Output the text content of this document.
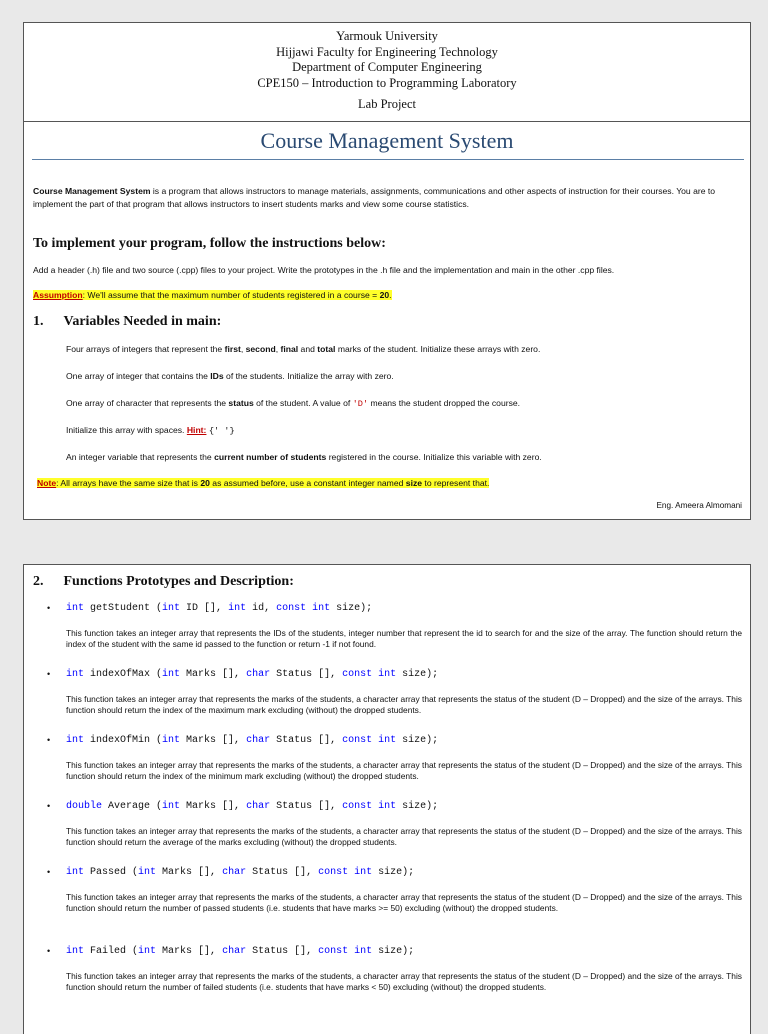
Yarmouk University
Hijjawi Faculty for Engineering Technology
Department of Computer Engineering
CPE150 – Introduction to Programming Laboratory
Lab Project
Course Management System
Course Management System is a program that allows instructors to manage materials, assignments, communications and other aspects of instruction for their courses. You are to implement the part of that program that allows instructors to insert students marks and view some course statistics.
To implement your program, follow the instructions below:
Add a header (.h) file and two source (.cpp) files to your project. Write the prototypes in the .h file and the implementation and main in the other .cpp files.
Assumption: We'll assume that the maximum number of students registered in a course = 20.
1. Variables Needed in main:
Four arrays of integers that represent the first, second, final and total marks of the student. Initialize these arrays with zero.
One array of integer that contains the IDs of the students. Initialize the array with zero.
One array of character that represents the status of the student. A value of 'D' means the student dropped the course.
Initialize this array with spaces. Hint: {' '}
An integer variable that represents the current number of students registered in the course. Initialize this variable with zero.
Note: All arrays have the same size that is 20 as assumed before, use a constant integer named size to represent that.
Eng. Ameera Almomani
2. Functions Prototypes and Description:
• int getStudent (int ID [], int id, const int size);
This function takes an integer array that represents the IDs of the students, integer number that represent the id to search for and the size of the array. The function should return the index of the student with the same id passed to the function or return -1 if not found.
• int indexOfMax (int Marks [], char Status [], const int size);
This function takes an integer array that represents the marks of the students, a character array that represents the status of the student (D – Dropped) and the size of the arrays. This function should return the index of the maximum mark excluding (without) the dropped students.
• int indexOfMin (int Marks [], char Status [], const int size);
This function takes an integer array that represents the marks of the students, a character array that represents the status of the student (D – Dropped) and the size of the arrays. This function should return the index of the minimum mark excluding (without) the dropped students.
• double Average (int Marks [], char Status [], const int size);
This function takes an integer array that represents the marks of the students, a character array that represents the status of the student (D – Dropped) and the size of the arrays. This function should return the average of the marks excluding (without) the dropped students.
• int Passed (int Marks [], char Status [], const int size);
This function takes an integer array that represents the marks of the students, a character array that represents the status of the student (D – Dropped) and the size of the arrays. This function should return the number of passed students (i.e. students that have marks >= 50) excluding (without) the dropped students.
• int Failed (int Marks [], char Status [], const int size);
This function takes an integer array that represents the marks of the students, a character array that represents the status of the student (D – Dropped) and the size of the arrays. This function should return the number of failed students (i.e. students that have marks < 50) excluding (without) the dropped students.
